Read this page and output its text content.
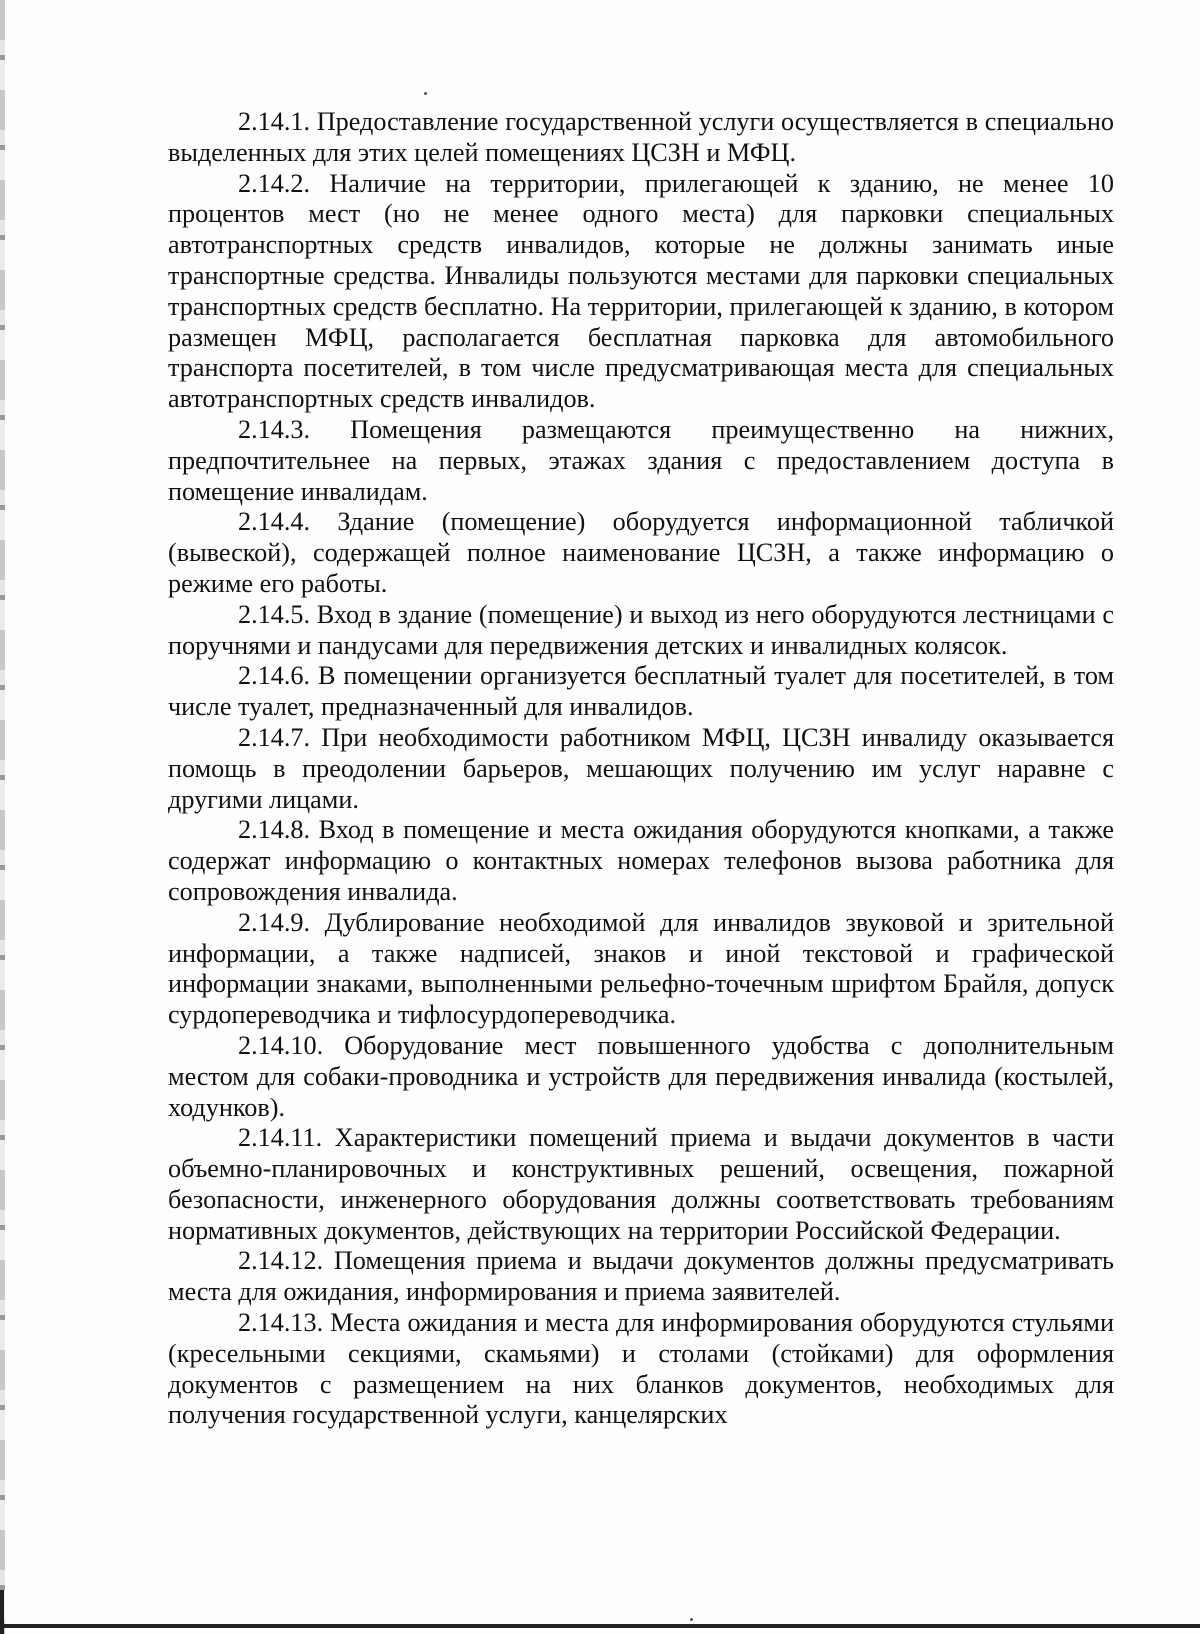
2.14.1. Предоставление государственной услуги осуществляется в специально выделенных для этих целей помещениях ЦСЗН и МФЦ.

2.14.2. Наличие на территории, прилегающей к зданию, не менее 10 процентов мест (но не менее одного места) для парковки специальных автотранспортных средств инвалидов, которые не должны занимать иные транспортные средства. Инвалиды пользуются местами для парковки специальных транспортных средств бесплатно. На территории, прилегающей к зданию, в котором размещен МФЦ, располагается бесплатная парковка для автомобильного транспорта посетителей, в том числе предусматривающая места для специальных автотранспортных средств инвалидов.

2.14.3. Помещения размещаются преимущественно на нижних, предпочтительнее на первых, этажах здания с предоставлением доступа в помещение инвалидам.

2.14.4. Здание (помещение) оборудуется информационной табличкой (вывеской), содержащей полное наименование ЦСЗН, а также информацию о режиме его работы.

2.14.5. Вход в здание (помещение) и выход из него оборудуются лестницами с поручнями и пандусами для передвижения детских и инвалидных колясок.

2.14.6. В помещении организуется бесплатный туалет для посетителей, в том числе туалет, предназначенный для инвалидов.

2.14.7. При необходимости работником МФЦ, ЦСЗН инвалиду оказывается помощь в преодолении барьеров, мешающих получению им услуг наравне с другими лицами.

2.14.8. Вход в помещение и места ожидания оборудуются кнопками, а также содержат информацию о контактных номерах телефонов вызова работника для сопровождения инвалида.

2.14.9. Дублирование необходимой для инвалидов звуковой и зрительной информации, а также надписей, знаков и иной текстовой и графической информации знаками, выполненными рельефно-точечным шрифтом Брайля, допуск сурдопереводчика и тифлосурдопереводчика.

2.14.10. Оборудование мест повышенного удобства с дополнительным местом для собаки-проводника и устройств для передвижения инвалида (костылей, ходунков).

2.14.11. Характеристики помещений приема и выдачи документов в части объемно-планировочных и конструктивных решений, освещения, пожарной безопасности, инженерного оборудования должны соответствовать требованиям нормативных документов, действующих на территории Российской Федерации.

2.14.12. Помещения приема и выдачи документов должны предусматривать места для ожидания, информирования и приема заявителей.

2.14.13. Места ожидания и места для информирования оборудуются стульями (кресельными секциями, скамьями) и столами (стойками) для оформления документов с размещением на них бланков документов, необходимых для получения государственной услуги, канцелярских
